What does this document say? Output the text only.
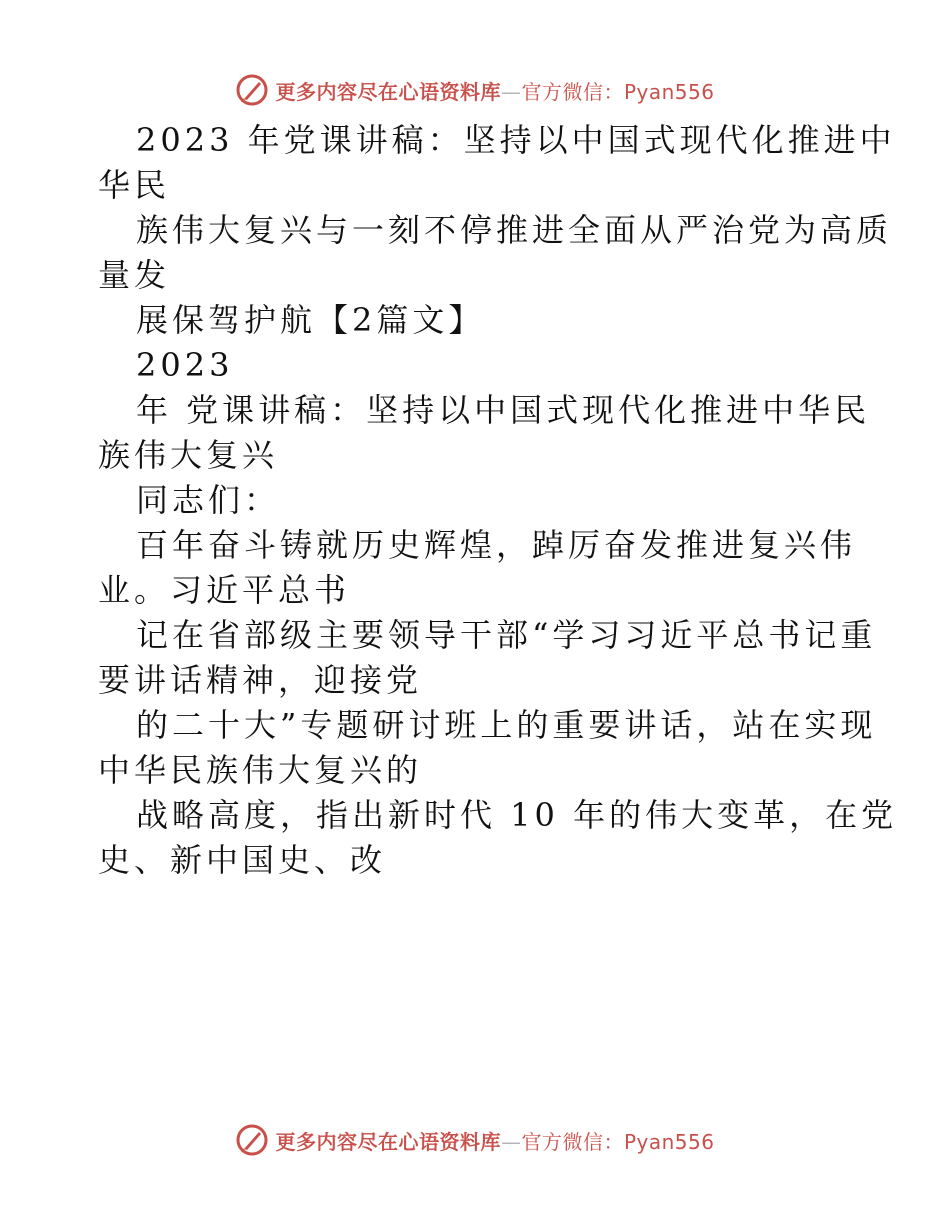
更多内容尽在心语资料库—官方微信：Pyan556
2023 年党课讲稿：坚持以中国式现代化推进中
华民
族伟大复兴与一刻不停推进全面从严治党为高质
量发
展保驾护航【2篇文】
2023
年 党课讲稿：坚持以中国式现代化推进中华民
族伟大复兴
同志们：
百年奋斗铸就历史辉煌，踔厉奋发推进复兴伟
业。习近平总书
记在省部级主要领导干部“学习习近平总书记重
要讲话精神，迎接党
的二十大”专题研讨班上的重要讲话，站在实现
中华民族伟大复兴的
战略高度，指出新时代 10 年的伟大变革，在党
史、新中国史、改
更多内容尽在心语资料库—官方微信：Pyan556
